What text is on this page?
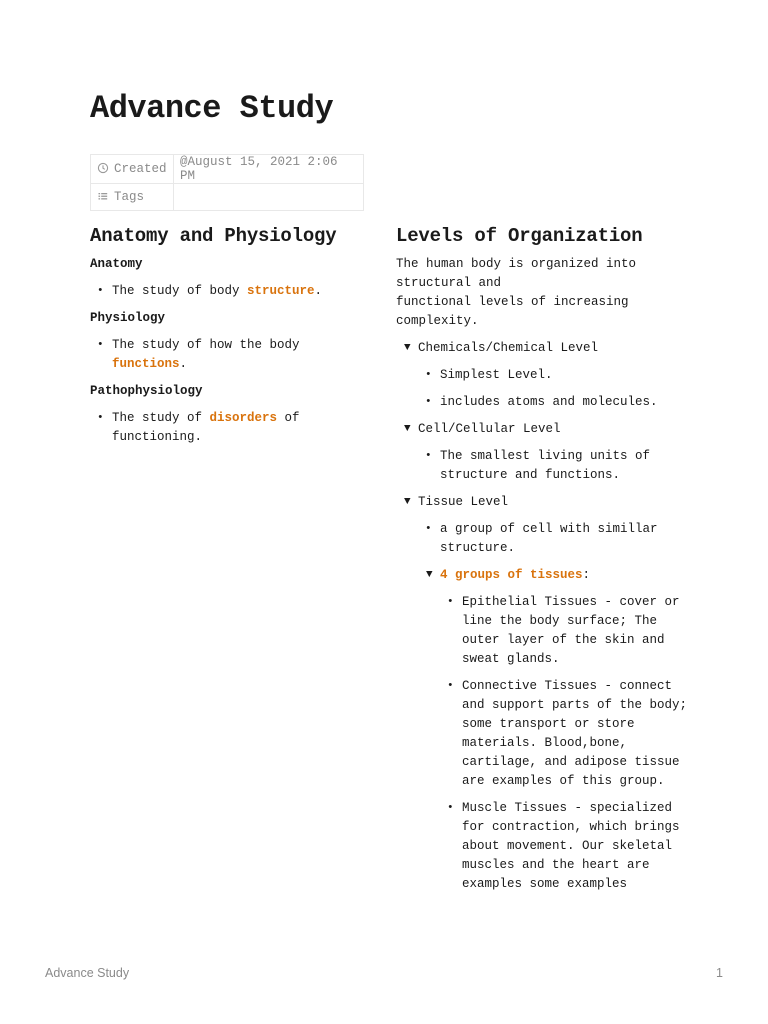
Advance Study
Created	@August 15, 2021 2:06 PM
Tags	
Anatomy and Physiology
Anatomy
• The study of body structure.
Physiology
• The study of how the body functions.
Pathophysiology
• The study of disorders of functioning.
Levels of Organization

The human body is organized into structural and

functional levels of increasing complexity.

▼ Chemicals/Chemical Level
• Simplest Level.
• includes atoms and molecules.
▼ Cell/Cellular Level
• The smallest living units of structure and functions.
▼ Tissue Level
• a group of cell with simillar structure.
▼ 4 groups of tissues:
• Epithelial Tissues - cover or line the body surface; The outer layer of the skin and sweat glands.
• Connective Tissues - connect and support parts of the body; some transport or store materials. Blood,bone, cartilage, and adipose tissue are examples of this group.
• Muscle Tissues - specialized for contraction, which brings about movement. Our skeletal muscles and the heart are examples some examples
Advance Study	1
